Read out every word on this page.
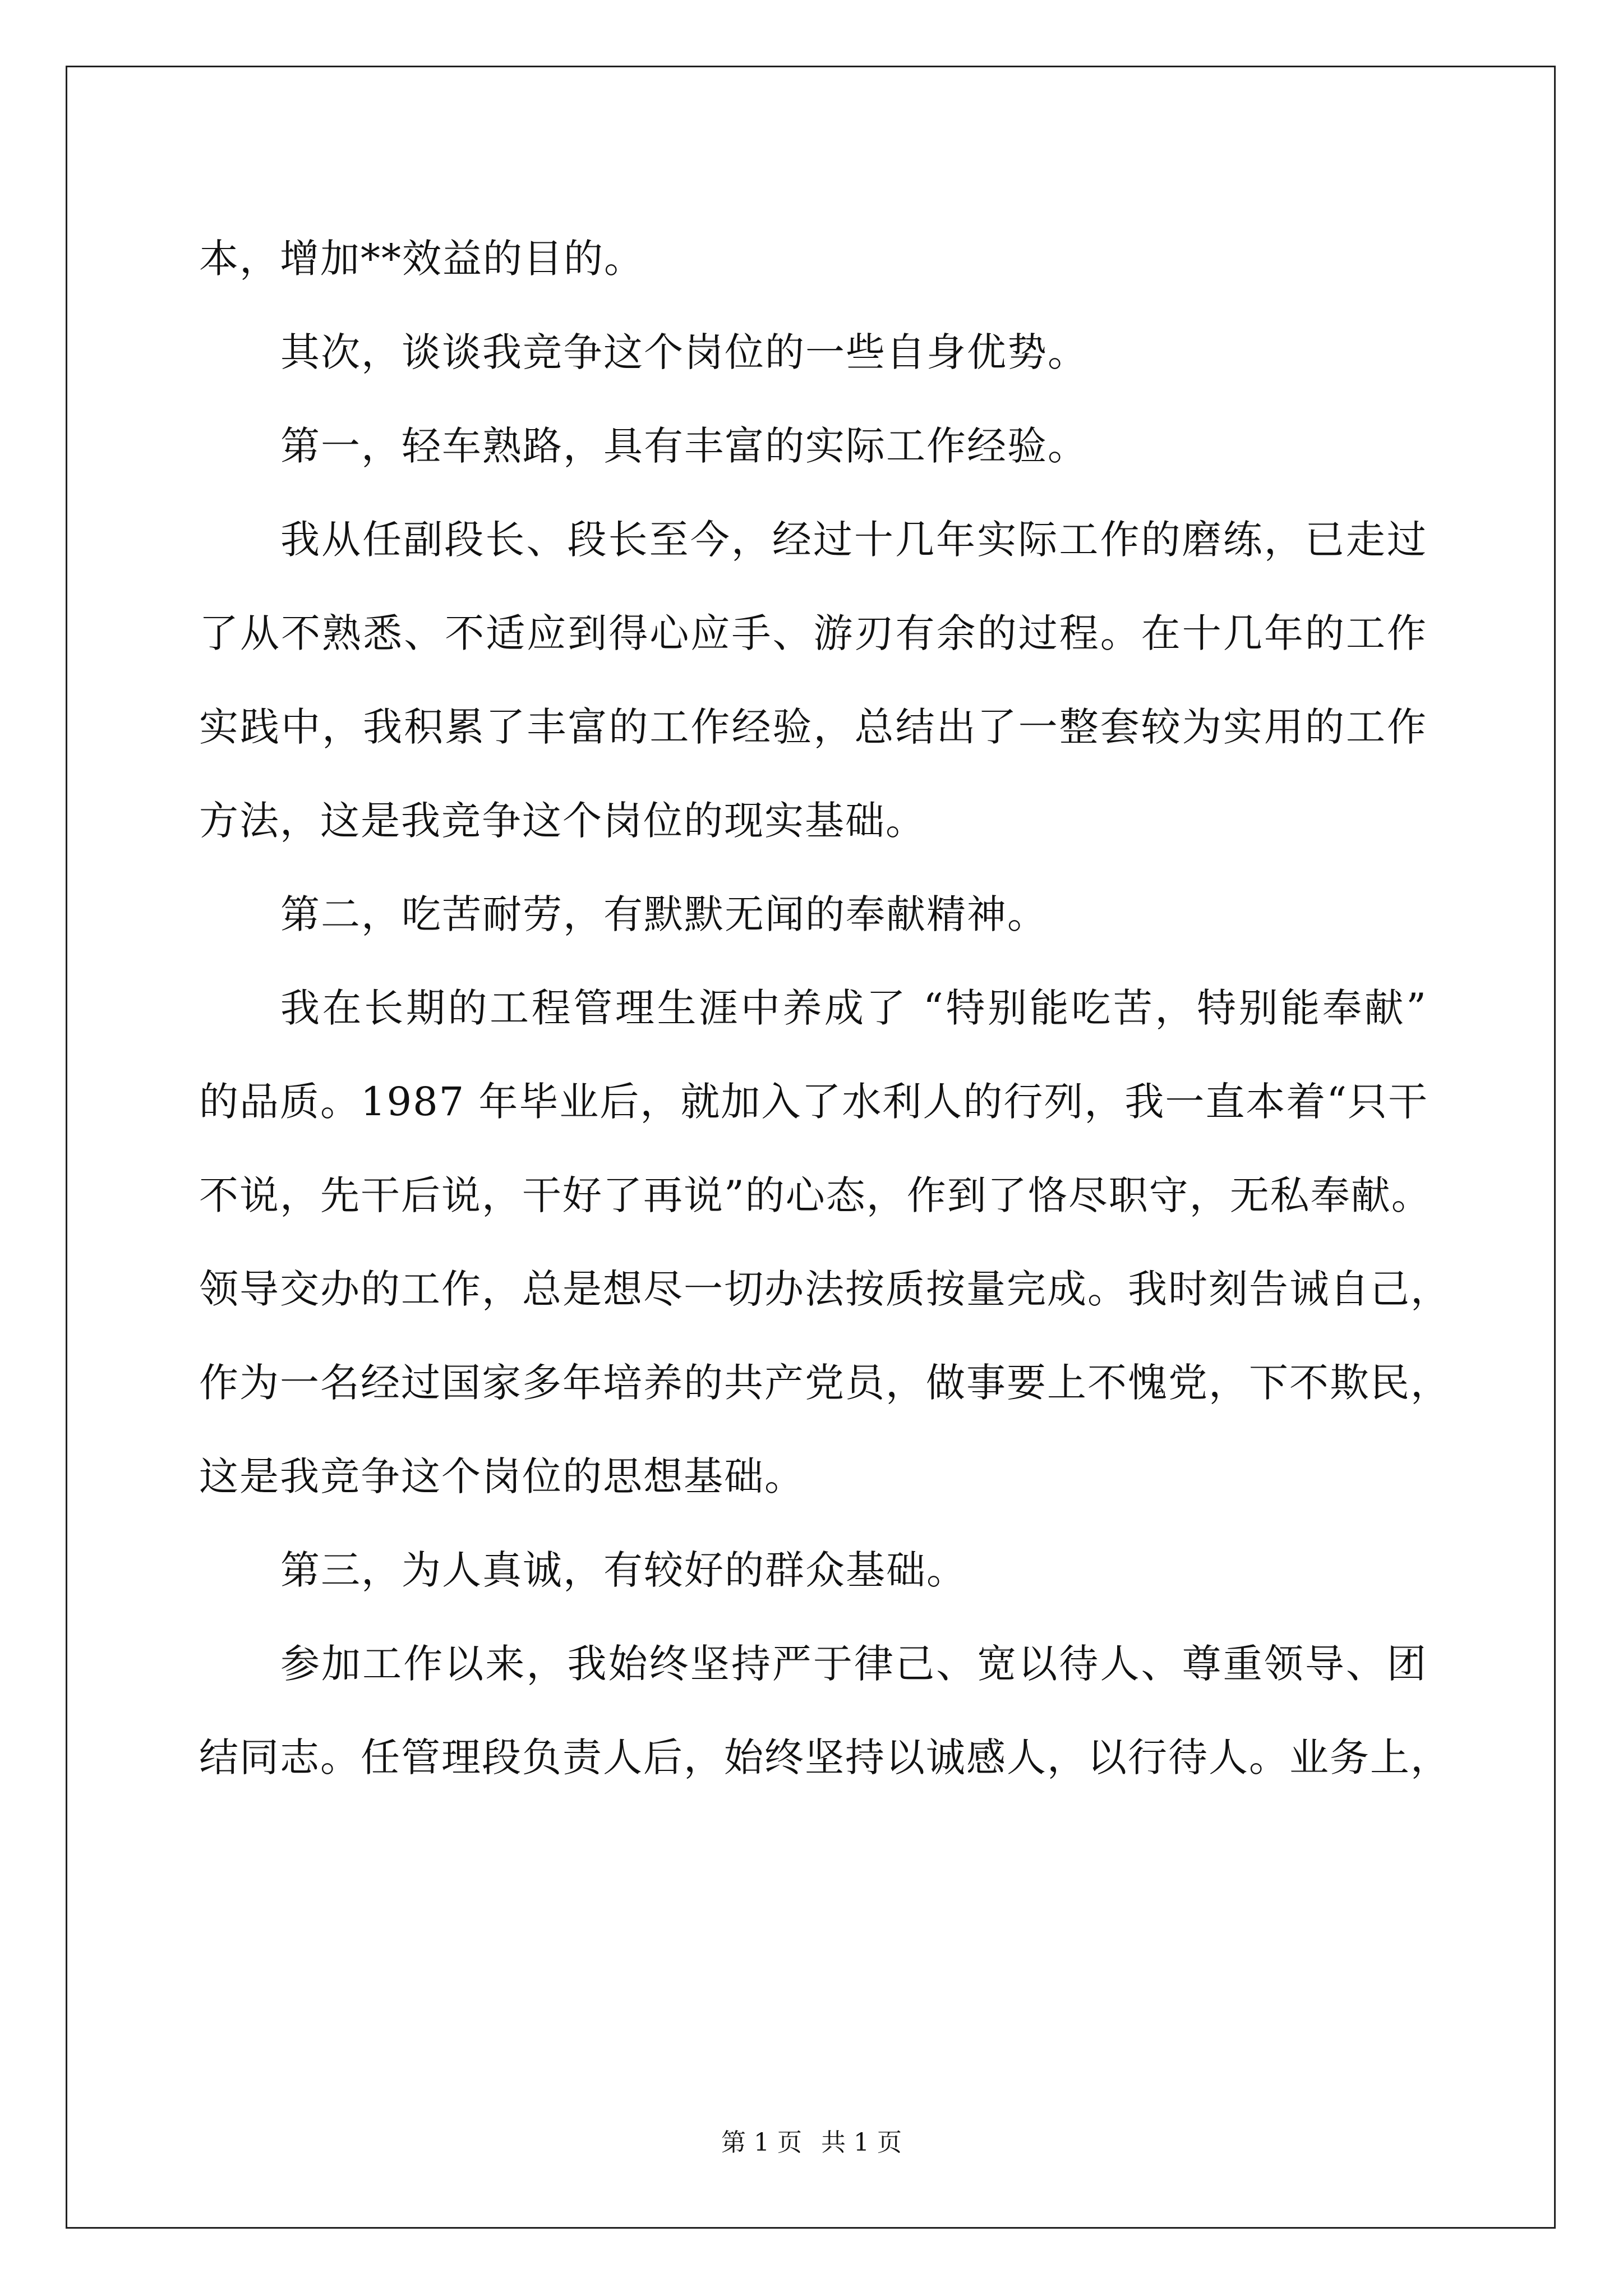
本，增加**效益的目的。
其次，谈谈我竞争这个岗位的一些自身优势。
第一，轻车熟路，具有丰富的实际工作经验。
我从任副段长、段长至今，经过十几年实际工作的磨练，已走过
了从不熟悉、不适应到得心应手、游刃有余的过程。在十几年的工作
实践中，我积累了丰富的工作经验，总结出了一整套较为实用的工作
方法，这是我竞争这个岗位的现实基础。
第二，吃苦耐劳，有默默无闻的奉献精神。
我在长期的工程管理生涯中养成了 “特别能吃苦，特别能奉献”
的品质。1987 年毕业后，就加入了水利人的行列，我一直本着“只干
不说，先干后说，干好了再说”的心态，作到了恪尽职守，无私奉献。
领导交办的工作，总是想尽一切办法按质按量完成。我时刻告诫自己，
作为一名经过国家多年培养的共产党员，做事要上不愧党，下不欺民，
这是我竞争这个岗位的思想基础。
第三，为人真诚，有较好的群众基础。
参加工作以来，我始终坚持严于律己、宽以待人、尊重领导、团
结同志。任管理段负责人后，始终坚持以诚感人，以行待人。业务上，
第 1 页 共 1 页
